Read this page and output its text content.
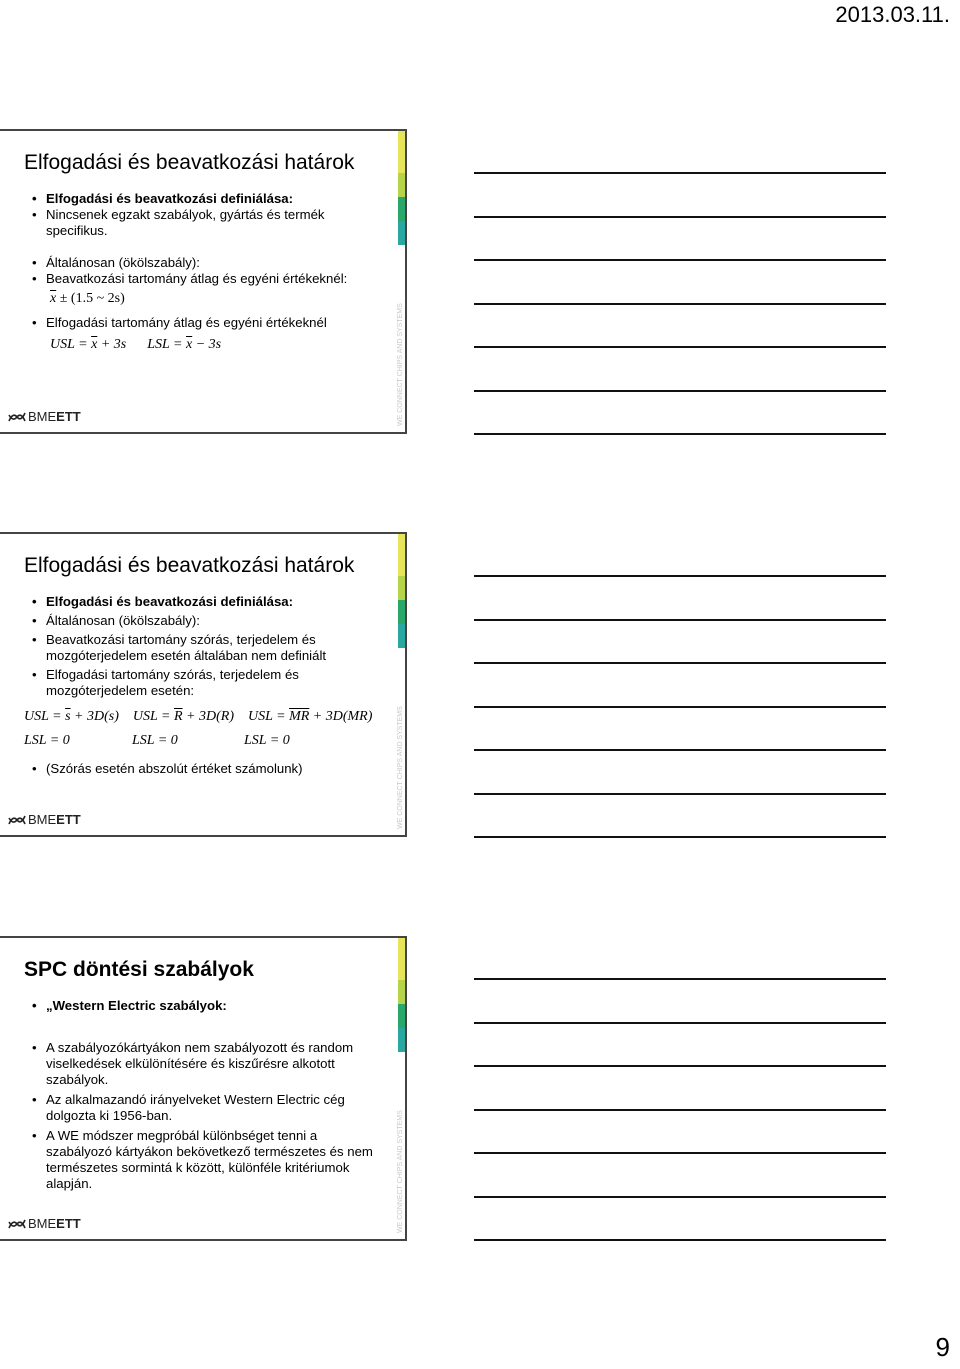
2013.03.11.
Elfogadási és beavatkozási határok

• Elfogadási és beavatkozási definiálása:

• Nincsenek egzakt szabályok, gyártás és termék specifikus.

• Általánosan (ökölszabály):

• Beavatkozási tartomány átlag és egyéni értékeknél:

$\overline{x} \pm (1.5$ ~ 2s)

• Elfogadási tartomány átlag és egyéni értékeknél

USL = $\overline{x} + 3s$ LSL = $\overline{x} - 3s$	WE CONNECT CHIPS AND SYSTEMS
BMEETT
Elfogadási és beavatkozási határok

• Elfogadási és beavatkozási definiálása:

• Általánosan (ökölszabály):

• Beavatkozási tartomány szórás, terjedelem és mozgóterjedelem esetén általában nem definiált

• Elfogadási tartomány szórás, terjedelem és mozgóterjedelem esetén:

USL = $\overline{s} + 3D(s)$ USL = $\overline{R} + 3D(R)$ USL = $\overline{MR} + 3D(MR)$
LSL = 0	LSL = 0	LSL = 0

• (Szórás esetén abszolút értéket számolunk)	WE CONNECT CHIPS AND SYSTEMS
BMEETT
SPC döntési szabályok

• „Western Electric szabályok:

• A szabályozókártyákon nem szabályozott és random viselkedések elkülönítésére és kiszűrésre alkotott szabályok.

• Az alkalmazandó irányelveket Western Electric cég dolgozta ki 1956-ban.

• A WE módszer megpróbál különbséget tenni a szabályozó kártyákon bekövetkező természetes és nem természetes sormintá k között, különféle kritériumok alapján.	WE CONNECT CHIPS AND SYSTEMS
BMEETT
9
